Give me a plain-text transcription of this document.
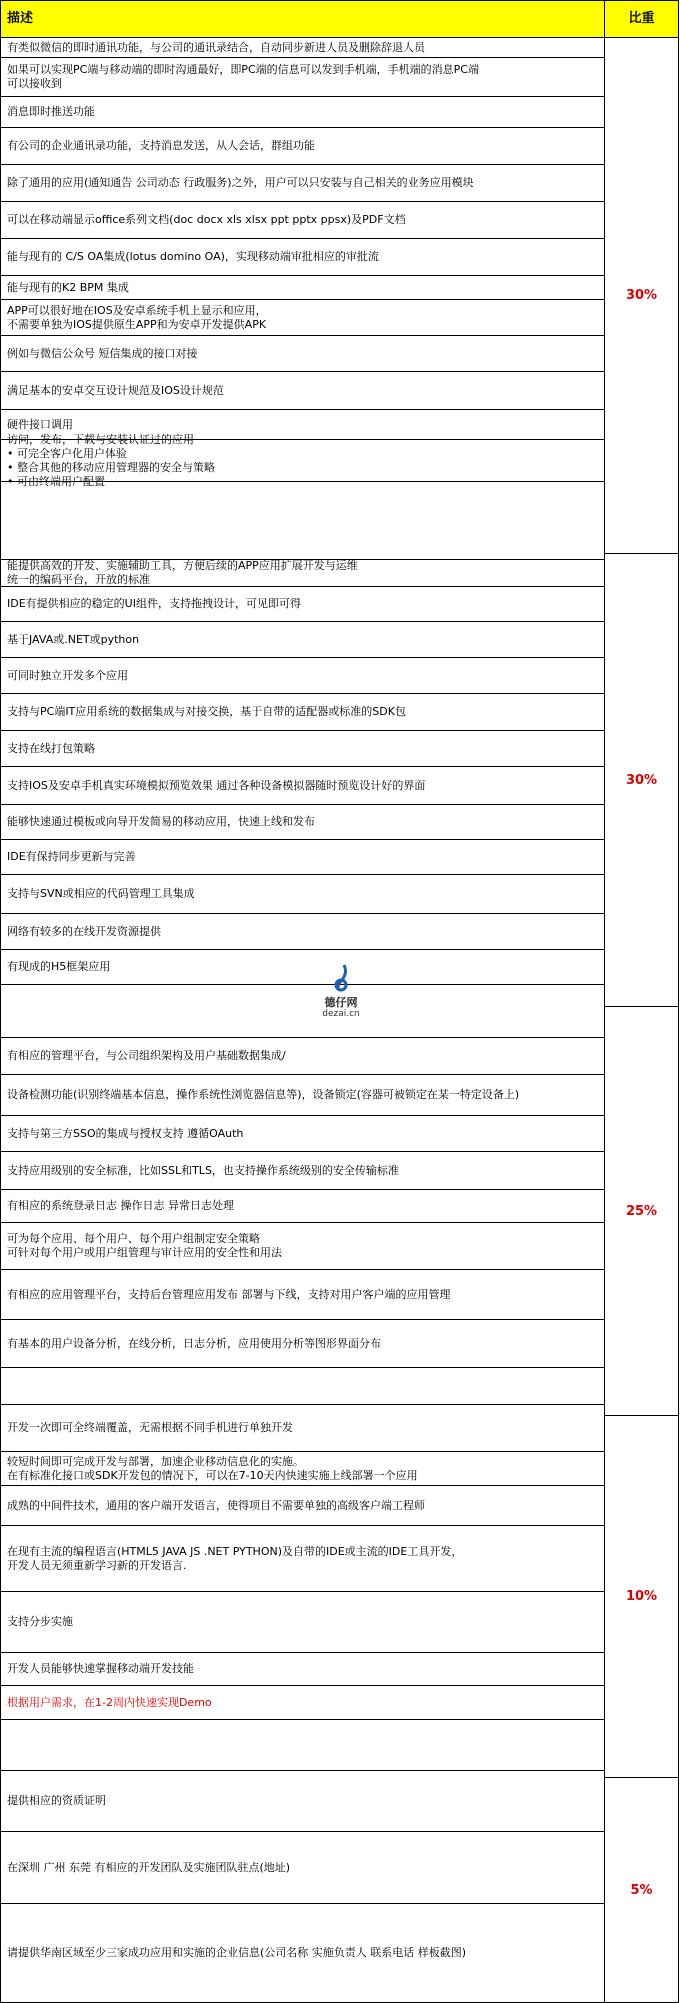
描述	比重
有类似微信的即时通讯功能，与公司的通讯录结合，自动同步新进人员及删除辞退人员
如果可以实现PC端与移动端的即时沟通最好，即PC端的信息可以发到手机端，手机端的消息PC端
可以接收到
消息即时推送功能
有公司的企业通讯录功能，支持消息发送，从人会话，群组功能
除了通用的应用(通知通告 公司动态 行政服务)之外，用户可以只安装与自己相关的业务应用模块
可以在移动端显示office系列文档(doc docx xls xlsx ppt pptx ppsx)及PDF文档
能与现有的 C/S OA集成(lotus domino OA)，实现移动端审批相应的审批流
能与现有的K2 BPM 集成
APP可以很好地在IOS及安卓系统手机上显示和应用，
不需要单独为IOS提供原生APP和为安卓开发提供APK
例如与微信公众号 短信集成的接口对接
满足基本的安卓交互设计规范及IOS设计规范
硬件接口调用
访问，发布，下载与安装认证过的应用
• 可完全客户化用户体验
• 整合其他的移动应用管理器的安全与策略
• 可由终端用户配置
能提供高效的开发、实施辅助工具，方便后续的APP应用扩展开发与运维
统一的编码平台，开放的标准
IDE有提供相应的稳定的UI组件，支持拖拽设计，可见即可得
基于JAVA或.NET或python
可同时独立开发多个应用
支持与PC端IT应用系统的数据集成与对接交换，基于自带的适配器或标准的SDK包
支持在线打包策略
支持IOS及安卓手机真实环境模拟预览效果 通过各种设备模拟器随时预览设计好的界面
能够快速通过模板或向导开发简易的移动应用，快速上线和发布
IDE有保持同步更新与完善
支持与SVN或相应的代码管理工具集成
网络有较多的在线开发资源提供
有现成的H5框架应用
有相应的管理平台，与公司组织架构及用户基础数据集成/
设备检测功能(识别终端基本信息，操作系统性浏览器信息等)，设备锁定(容器可被锁定在某一特定设备上)
支持与第三方SSO的集成与授权支持 遵循OAuth
支持应用级别的安全标准，比如SSL和TLS，也支持操作系统级别的安全传输标准
有相应的系统登录日志 操作日志 异常日志处理
可为每个应用、每个用户、每个用户组制定安全策略
可针对每个用户或用户组管理与审计应用的安全性和用法
有相应的应用管理平台，支持后台管理应用发布 部署与下线，支持对用户客户端的应用管理
有基本的用户设备分析，在线分析，日志分析，应用使用分析等图形界面分布
开发一次即可全终端覆盖，无需根据不同手机进行单独开发
较短时间即可完成开发与部署，加速企业移动信息化的实施。
在有标准化接口或SDK开发包的情况下，可以在7-10天内快速实施上线部署一个应用
成熟的中间件技术，通用的客户端开发语言，使得项目不需要单独的高级客户端工程师
在现有主流的编程语言(HTML5 JAVA JS .NET PYTHON)及自带的IDE或主流的IDE工具开发，
开发人员无须重新学习新的开发语言.
支持分步实施
开发人员能够快速掌握移动端开发技能
根据用户需求，在1-2周内快速实现Demo
提供相应的资质证明
在深圳 广州 东莞 有相应的开发团队及实施团队驻点(地址)
请提供华南区域至少三家成功应用和实施的企业信息(公司名称 实施负责人 联系电话 样板截图)
30%
30%
25%
10%
5%
德仔网
dezai.cn
